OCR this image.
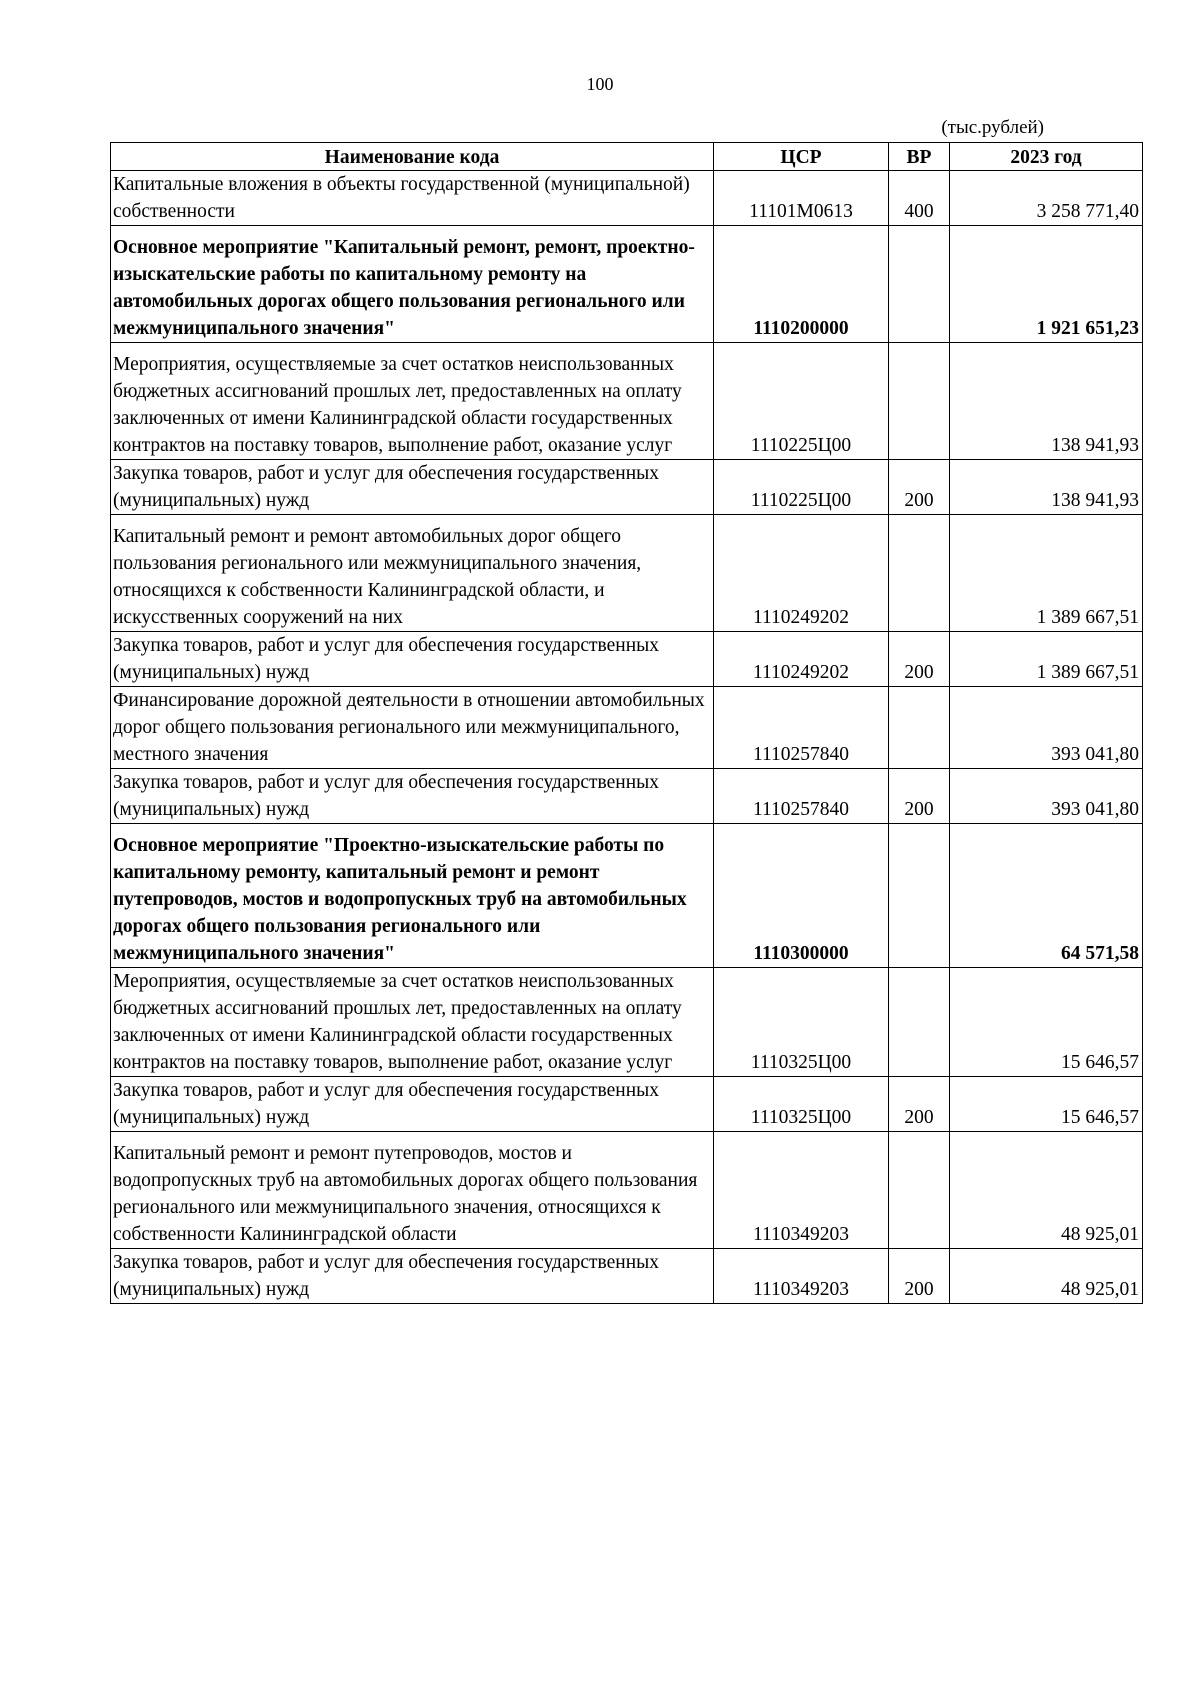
100
(тыс.рублей)
Наименование кода	ЦСР	ВР	2023 год
Капитальные вложения в объекты государственной (муниципальной) собственности	11101М0613	400	3 258 771,40
Основное мероприятие "Капитальный ремонт, ремонт, проектно-изыскательские работы по капитальному ремонту на автомобильных дорогах общего пользования регионального или межмуниципального значения"	1110200000		1 921 651,23
Мероприятия, осуществляемые за счет остатков неиспользованных бюджетных ассигнований прошлых лет, предоставленных на оплату заключенных от имени Калининградской области государственных контрактов на поставку товаров, выполнение работ, оказание услуг	1110225Ц00		138 941,93
Закупка товаров, работ и услуг для обеспечения государственных (муниципальных) нужд	1110225Ц00	200	138 941,93
Капитальный ремонт и ремонт автомобильных дорог общего пользования регионального или межмуниципального значения, относящихся к собственности Калининградской области, и искусственных сооружений на них	1110249202		1 389 667,51
Закупка товаров, работ и услуг для обеспечения государственных (муниципальных) нужд	1110249202	200	1 389 667,51
Финансирование дорожной деятельности в отношении автомобильных дорог общего пользования регионального или межмуниципального, местного значения	1110257840		393 041,80
Закупка товаров, работ и услуг для обеспечения государственных (муниципальных) нужд	1110257840	200	393 041,80
Основное мероприятие "Проектно-изыскательские работы по капитальному ремонту, капитальный ремонт и ремонт путепроводов, мостов и водопропускных труб на автомобильных дорогах общего пользования регионального или межмуниципального значения"	1110300000		64 571,58
Мероприятия, осуществляемые за счет остатков неиспользованных бюджетных ассигнований прошлых лет, предоставленных на оплату заключенных от имени Калининградской области государственных контрактов на поставку товаров, выполнение работ, оказание услуг	1110325Ц00		15 646,57
Закупка товаров, работ и услуг для обеспечения государственных (муниципальных) нужд	1110325Ц00	200	15 646,57
Капитальный ремонт и ремонт путепроводов, мостов и водопропускных труб на автомобильных дорогах общего пользования регионального или межмуниципального значения, относящихся к собственности Калининградской области	1110349203		48 925,01
Закупка товаров, работ и услуг для обеспечения государственных (муниципальных) нужд	1110349203	200	48 925,01
